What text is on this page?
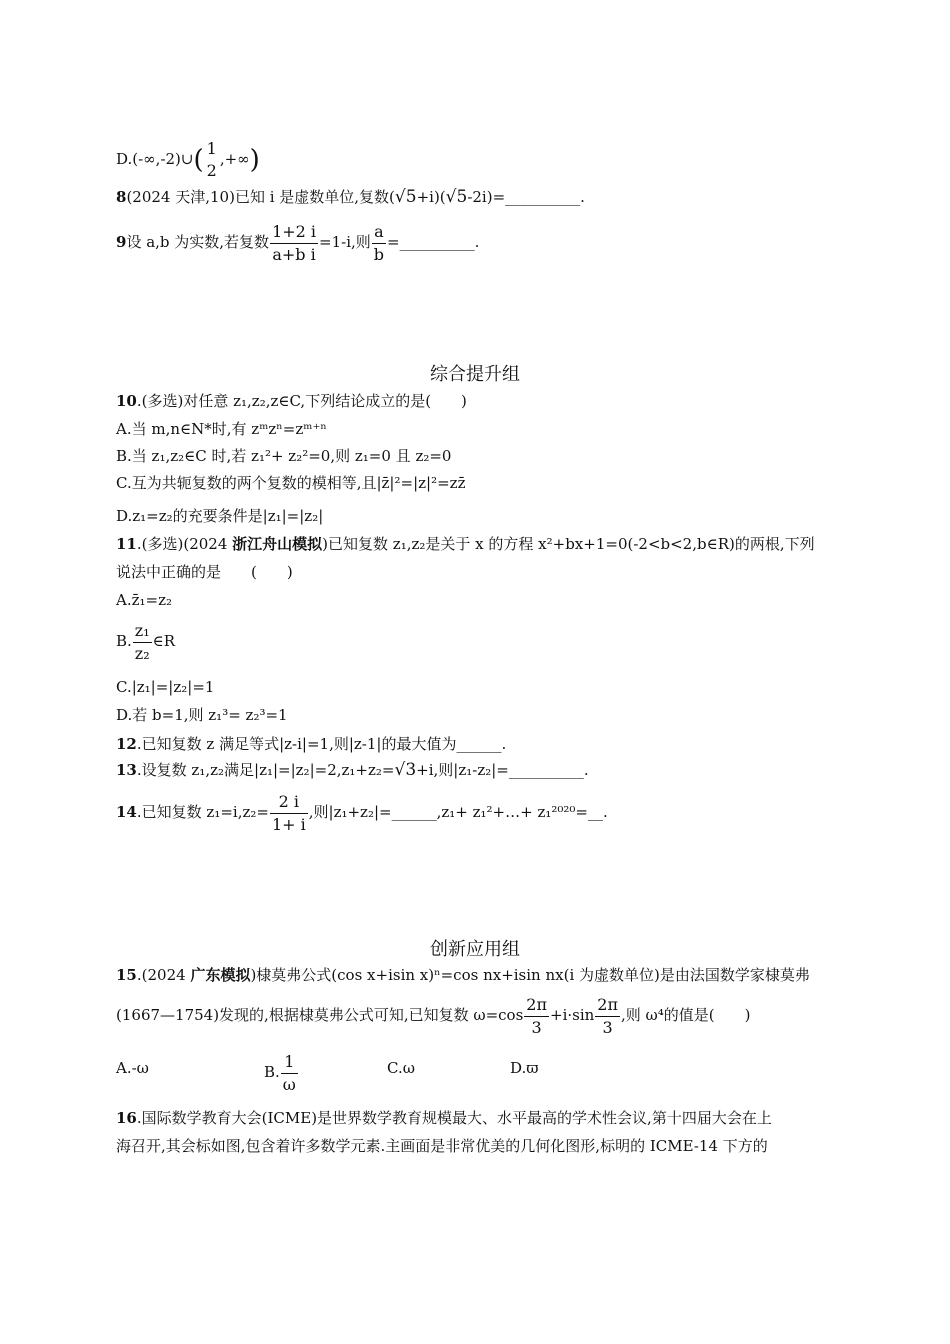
D.(-∞,-2)∪( 1
2
,+∞)
8(2024 天津,10)已知 i 是虚数单位,复数(√5+i)(√5-2i)=__________.
9设 a,b 为实数,若复数 $\frac{1+2 i}{\text{a+b i}} =1-i$,则 $\frac{a}{b}$ =__________.
综合提升组
10.(多选)对任意 z₁,z₂,z∈C,下列结论成立的是(　　)
A.当 m,n∈N*时,有 zᵐzⁿ=zᵐ⁺ⁿ
B.当 z₁,z₂∈C 时,若 z₁²+ z₂²=0,则 z₁=0 且 z₂=0
C.互为共轭复数的两个复数的模相等,且|z̄|²=|z|²=zz̄
D.z₁=z₂的充要条件是|z₁|=|z₂|
11.(多选)(2024 浙江舟山模拟)已知复数 z₁,z₂是关于 x 的方程 x²+bx+1=0(-2<b<2,b∈R)的两根,下列
说法中正确的是　　(　　)
A.z̄₁=z₂
B. $\frac{\text{z₁}}{\text{z₂}}$ ∈R
C.|z₁|=|z₂|=1
D.若 b=1,则 z₁³= z₂³=1
12.已知复数 z 满足等式|z-i|=1,则|z-1|的最大值为______.
13.设复数 z₁,z₂满足|z₁|=|z₂|=2,z₁+z₂=√3+i,则|z₁-z₂|=__________.
14.已知复数 $z_1=i,z_2= \frac{2 i}{1+ i}$ ,则|z₁+z₂|=______,z₁+ z₁²+…+ z₁²⁰²⁰=__.
创新应用组
15.(2024 广东模拟)棣莫弗公式(cos x+isin x)ⁿ=cos nx+isin nx(i 为虚数单位)是由法国数学家棣莫弗
(1667—1754)发现的,根据棣莫弗公式可知,已知复数 $\omega=\cos \frac{2\pi}{3} +i\cdot\sin \frac{2\pi}{3}$ ,则 ω⁴的值是(　　)
A.-ω	B. $\frac{1}{\omega}$	C.ω	D.ϖ
16.国际数学教育大会(ICME)是世界数学教育规模最大、水平最高的学术性会议,第十四届大会在上
海召开,其会标如图,包含着许多数学元素.主画面是非常优美的几何化图形,标明的 ICME-14 下方的
